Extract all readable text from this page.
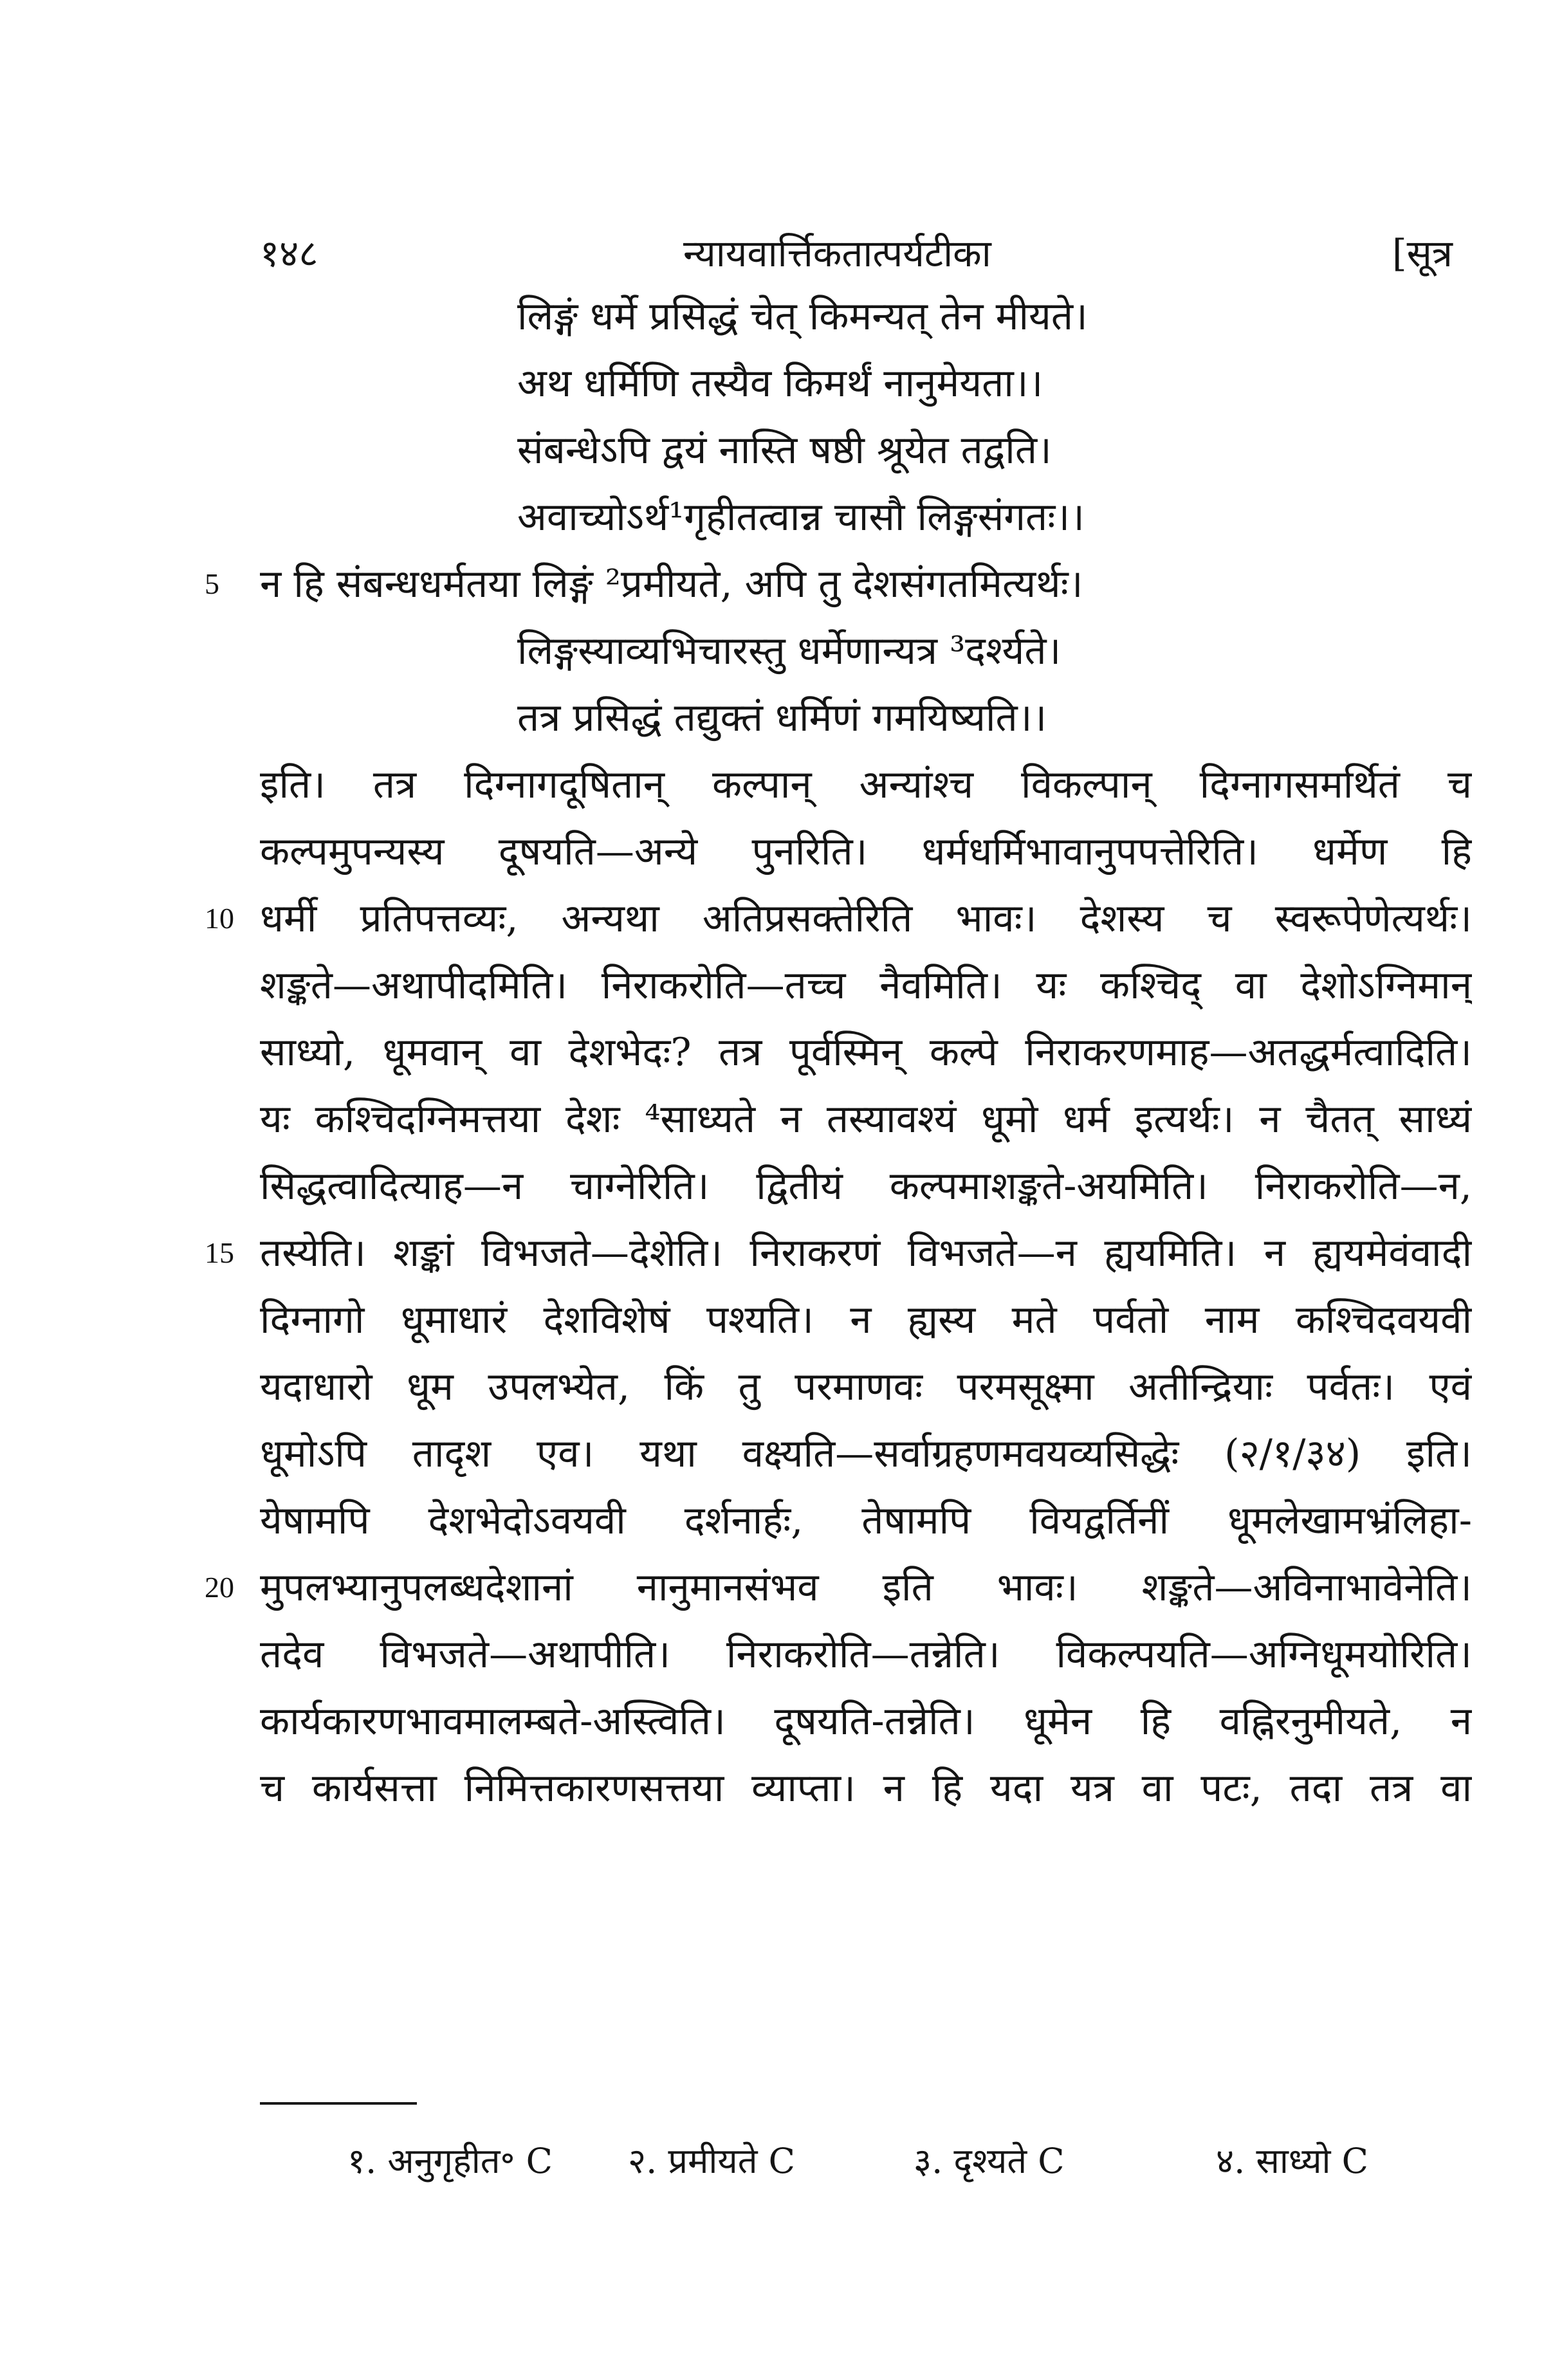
१४८	न्यायवार्त्तिकतात्पर्यटीका	[सूत्र
लिङ्गं धर्मे प्रसिद्धं चेत् किमन्यत् तेन मीयते।
अथ धर्मिणि तस्यैव किमर्थं नानुमेयता।।
संबन्धेऽपि द्वयं नास्ति षष्ठी श्रूयेत तद्वति।
अवाच्योऽर्थ¹गृहीतत्वान्न चासौ लिङ्गसंगतः।।
न हि संबन्धधर्मतया लिङ्गं ²प्रमीयते, अपि तु देशसंगतमित्यर्थः।
5
लिङ्गस्याव्यभिचारस्तु धर्मेणान्यत्र ³दर्श्यते।
तत्र प्रसिद्धं तद्युक्तं धर्मिणं गमयिष्यति।।
इति। तत्र दिग्नागदूषितान् कल्पान् अन्यांश्च विकल्पान् दिग्नागसमर्थितं च
कल्पमुपन्यस्य दूषयति—अन्ये पुनरिति। धर्मधर्मिभावानुपपत्तेरिति। धर्मेण हि
धर्मी प्रतिपत्तव्यः, अन्यथा अतिप्रसक्तेरिति भावः। देशस्य च स्वरूपेणेत्यर्थः।
10
शङ्कते—अथापीदमिति। निराकरोति—तच्च नैवमिति। यः कश्चिद् वा देशोऽग्निमान्
साध्यो, धूमवान् वा देशभेदः? तत्र पूर्वस्मिन् कल्पे निराकरणमाह—अतद्धर्मत्वादिति।
यः कश्चिदग्निमत्तया देशः ⁴साध्यते न तस्यावश्यं धूमो धर्म इत्यर्थः। न चैतत् साध्यं
सिद्धत्वादित्याह—न चाग्नेरिति। द्वितीयं कल्पमाशङ्कते-अयमिति। निराकरोति—न,
तस्येति। शङ्कां विभजते—देशेति। निराकरणं विभजते—न ह्ययमिति। न ह्ययमेवंवादी
15
दिग्नागो धूमाधारं देशविशेषं पश्यति। न ह्यस्य मते पर्वतो नाम कश्चिदवयवी
यदाधारो धूम उपलभ्येत, किं तु परमाणवः परमसूक्ष्मा अतीन्द्रियाः पर्वतः। एवं
धूमोऽपि तादृश एव। यथा वक्ष्यति—सर्वाग्रहणमवयव्यसिद्धेः (२/१/३४) इति।
येषामपि देशभेदोऽवयवी दर्शनार्हः, तेषामपि वियद्वर्तिनीं धूमलेखामभ्रंलिहा-
मुपलभ्यानुपलब्धदेशानां नानुमानसंभव इति भावः। शङ्कते—अविनाभावेनेति।
20
तदेव विभजते—अथापीति। निराकरोति—तन्नेति। विकल्पयति—अग्निधूमयोरिति।
कार्यकारणभावमालम्बते-अस्त्विति। दूषयति-तन्नेति। धूमेन हि वह्निरनुमीयते, न
च कार्यसत्ता निमित्तकारणसत्तया व्याप्ता। न हि यदा यत्र वा पटः, तदा तत्र वा
१. अनुगृहीत॰ C २. प्रमीयते C	३. दृश्यते C	४. साध्यो C
